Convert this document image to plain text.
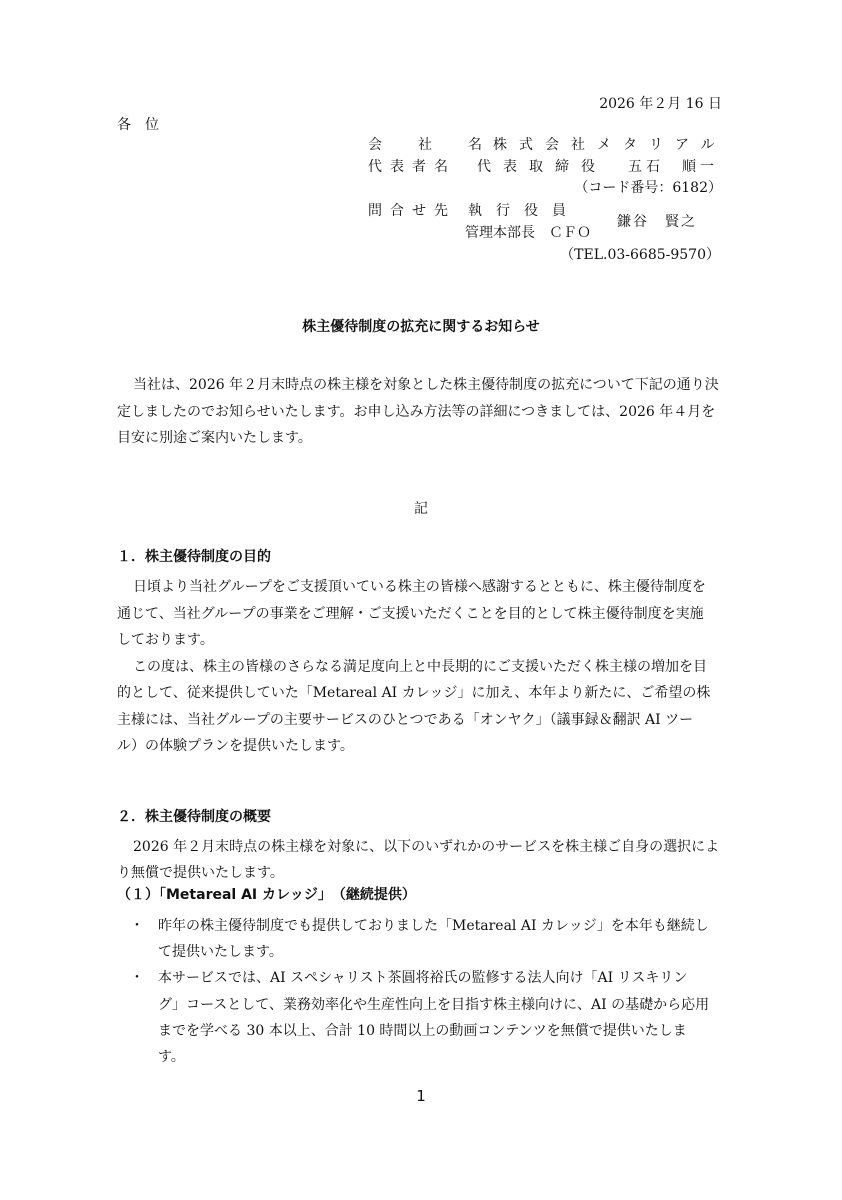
2026 年２月 16 日
各　位
会　社　名 株式会社メタリアル
代表者名 代表取締役 五石　順一
（コード番号：6182）
問合せ先 執　行　役　員
管理本部長　ＣＦＯ
鎌谷　賢之
（TEL.03-6685-9570）
株主優待制度の拡充に関するお知らせ
当社は、2026 年２月末時点の株主様を対象とした株主優待制度の拡充について下記の通り決
定しましたのでお知らせいたします。お申し込み方法等の詳細につきましては、2026 年４月を
目安に別途ご案内いたします。
記
１．株主優待制度の目的
日頃より当社グループをご支援頂いている株主の皆様へ感謝するとともに、株主優待制度を
通じて、当社グループの事業をご理解・ご支援いただくことを目的として株主優待制度を実施
しております。
この度は、株主の皆様のさらなる満足度向上と中長期的にご支援いただく株主様の増加を目
的として、従来提供していた「Metareal AI カレッジ」に加え、本年より新たに、ご希望の株
主様には、当社グループの主要サービスのひとつである「オンヤク」（議事録＆翻訳 AI ツー
ル）の体験プランを提供いたします。
２．株主優待制度の概要
2026 年２月末時点の株主様を対象に、以下のいずれかのサービスを株主様ご自身の選択によ
り無償で提供いたします。
（１）「Metareal AI カレッジ」　（継続提供）
・ 昨年の株主優待制度でも提供しておりました「Metareal AI カレッジ」を本年も継続し
て提供いたします。
・ 本サービスでは、AI スペシャリスト茶圓将裕氏の監修する法人向け「AI リスキリン
グ」コースとして、業務効率化や生産性向上を目指す株主様向けに、AI の基礎から応用
までを学べる 30 本以上、合計 10 時間以上の動画コンテンツを無償で提供いたしま
す。
1
